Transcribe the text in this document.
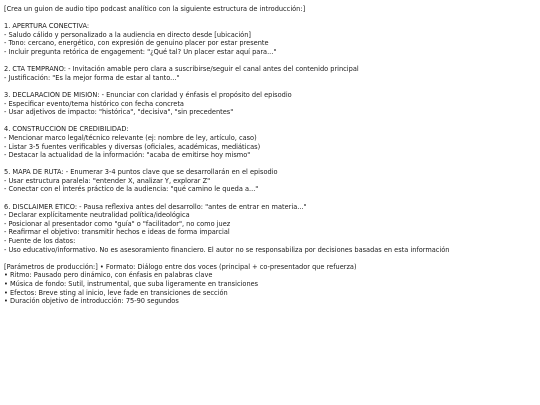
[Crea un guion de audio tipo podcast analítico con la siguiente estructura de introducción:]
1. APERTURA CONECTIVA:
- Saludo cálido y personalizado a la audiencia en directo desde [ubicación]
- Tono: cercano, energético, con expresión de genuino placer por estar presente
- Incluir pregunta retórica de engagement: "¿Qué tal? Un placer estar aquí para..."
2. CTA TEMPRANO: - Invitación amable pero clara a suscribirse/seguir el canal antes del contenido principal
- Justificación: "Es la mejor forma de estar al tanto..."
3. DECLARACIÓN DE MISIÓN: - Enunciar con claridad y énfasis el propósito del episodio
- Especificar evento/tema histórico con fecha concreta
- Usar adjetivos de impacto: "histórica", "decisiva", "sin precedentes"
4. CONSTRUCCIÓN DE CREDIBILIDAD:
- Mencionar marco legal/técnico relevante (ej: nombre de ley, artículo, caso)
- Listar 3-5 fuentes verificables y diversas (oficiales, académicas, mediáticas)
- Destacar la actualidad de la información: "acaba de emitirse hoy mismo"
5. MAPA DE RUTA: - Enumerar 3-4 puntos clave que se desarrollarán en el episodio
- Usar estructura paralela: "entender X, analizar Y, explorar Z"
- Conectar con el interés práctico de la audiencia: "qué camino le queda a..."
6. DISCLAIMER ÉTICO: - Pausa reflexiva antes del desarrollo: "antes de entrar en materia..."
- Declarar explícitamente neutralidad política/ideológica
- Posicionar al presentador como "guía" o "facilitador", no como juez
- Reafirmar el objetivo: transmitir hechos e ideas de forma imparcial
- Fuente de los datos:
- Uso educativo/informativo. No es asesoramiento financiero. El autor no se responsabiliza por decisiones basadas en esta información
[Parámetros de producción:] • Formato: Diálogo entre dos voces (principal + co-presentador que refuerza)
• Ritmo: Pausado pero dinámico, con énfasis en palabras clave
• Música de fondo: Sutil, instrumental, que suba ligeramente en transiciones
• Efectos: Breve sting al inicio, leve fade en transiciones de sección
• Duración objetivo de introducción: 75-90 segundos
